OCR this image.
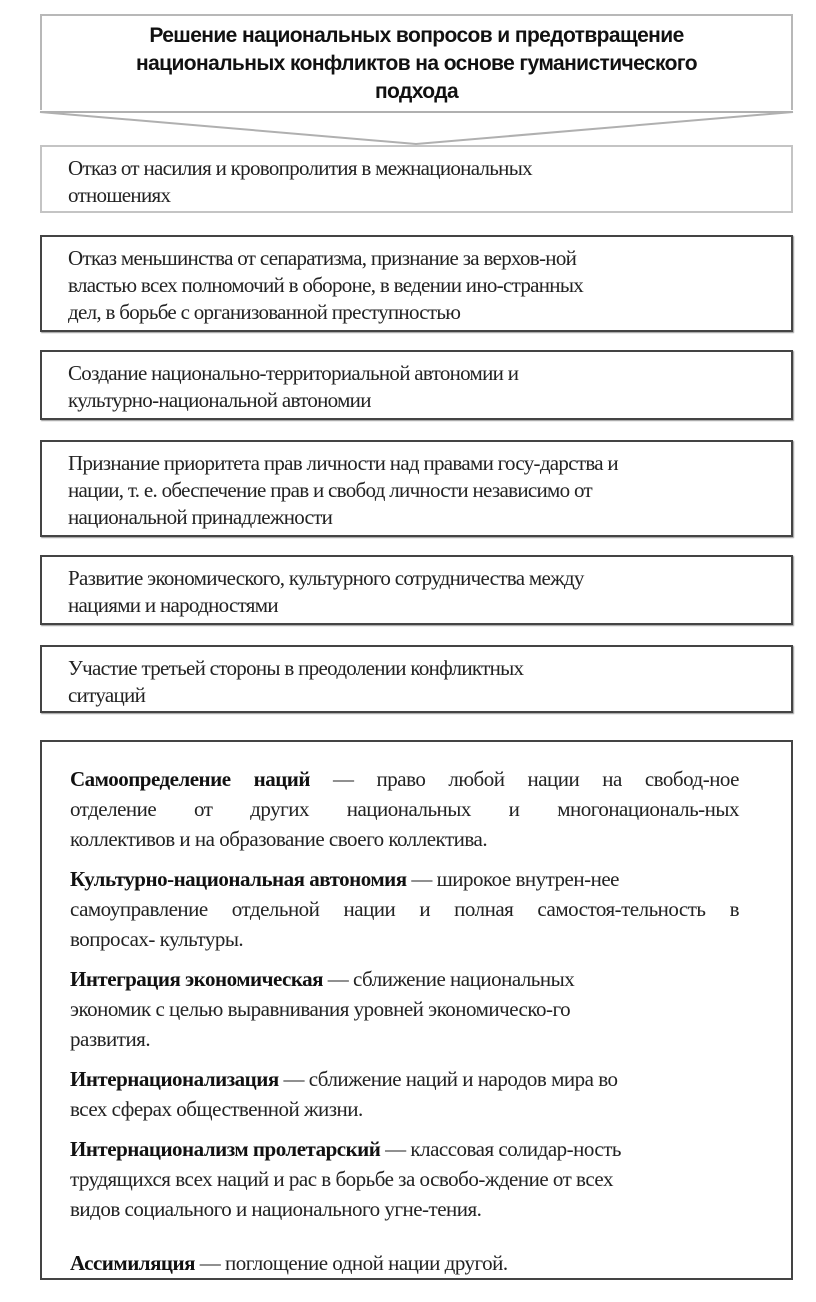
Решение национальных вопросов и предотвращение
национальных конфликтов на основе гуманистического
подхода
Отказ от насилия и кровопролития в межнациональных
отношениях
Отказ меньшинства от сепаратизма, признание за верхов-ной
властью всех полномочий в обороне, в ведении ино-странных
дел, в борьбе с организованной преступностью
Создание национально-территориальной автономии и
культурно-национальной автономии
Признание приоритета прав личности над правами госу-дарства и
нации, т. е. обеспечение прав и свобод личности независимо от
национальной принадлежности
Развитие экономического, культурного сотрудничества между
нациями и народностями
Участие третьей стороны в преодолении конфликтных
ситуаций
Самоопределение наций — право любой нации на свобод-ное
отделение от других национальных и многонациональ-ных
коллективов и на образование своего коллектива.
Культурно-национальная автономия — широкое внутрен-нее
самоуправление отдельной нации и полная самостоя-тельность в
вопросах- культуры.
Интеграция экономическая — сближение национальных
экономик с целью выравнивания уровней экономическо-го
развития.
Интернационализация — сближение наций и народов мира во
всех сферах общественной жизни.
Интернационализм пролетарский — классовая солидар-ность
трудящихся всех наций и рас в борьбе за освобо-ждение от всех
видов социального и национального угне-тения.
Ассимиляция — поглощение одной нации другой.
